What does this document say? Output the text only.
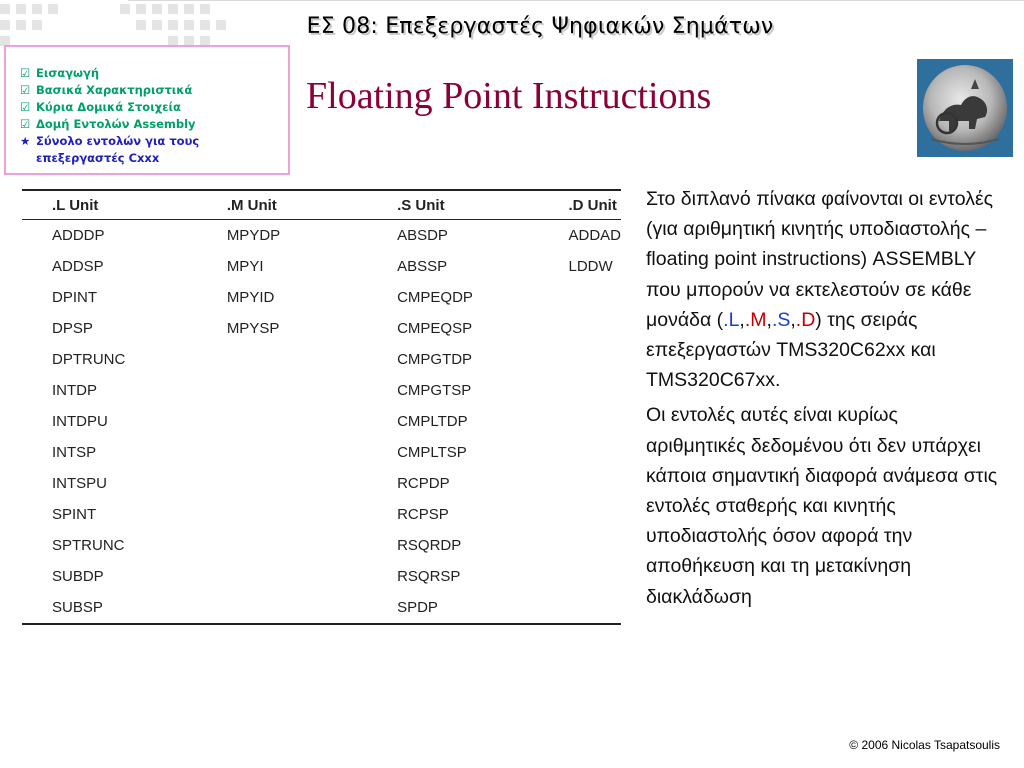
ΕΣ 08: Επεξεργαστές Ψηφιακών Σημάτων
☑ Εισαγωγή
☑ Βασικά Χαρακτηριστικά
☑ Κύρια Δομικά Στοιχεία
☑ Δομή Εντολών Assembly
★ Σύνολο εντολών για τους
επεξεργαστές Cxxx
Floating Point Instructions
.L Unit	.M Unit	.S Unit	.D Unit
ADDDP	MPYDP	ABSDP	ADDAD
ADDSP	MPYI	ABSSP	LDDW
DPINT	MPYID	CMPEQDP	
DPSP	MPYSP	CMPEQSP	
DPTRUNC		CMPGTDP	
INTDP		CMPGTSP	
INTDPU		CMPLTDP	
INTSP		CMPLTSP	
INTSPU		RCPDP	
SPINT		RCPSP	
SPTRUNC		RSQRDP	
SUBDP		RSQRSP	
SUBSP		SPDP	

Στο διπλανό πίνακα φαίνονται οι εντολές (για αριθμητική κινητής υποδιαστολής – floating point instructions) ASSEMBLY που μπορούν να εκτελεστούν σε κάθε μονάδα (.L,.M,.S,.D) της σειράς επεξεργαστών TMS320C62xx και TMS320C67xx.

Οι εντολές αυτές είναι κυρίως αριθμητικές δεδομένου ότι δεν υπάρχει κάποια σημαντική διαφορά ανάμεσα στις εντολές σταθερής και κινητής υποδιαστολής όσον αφορά την αποθήκευση και τη μετακίνηση διακλάδωση

© 2006 Nicolas Tsapatsoulis
